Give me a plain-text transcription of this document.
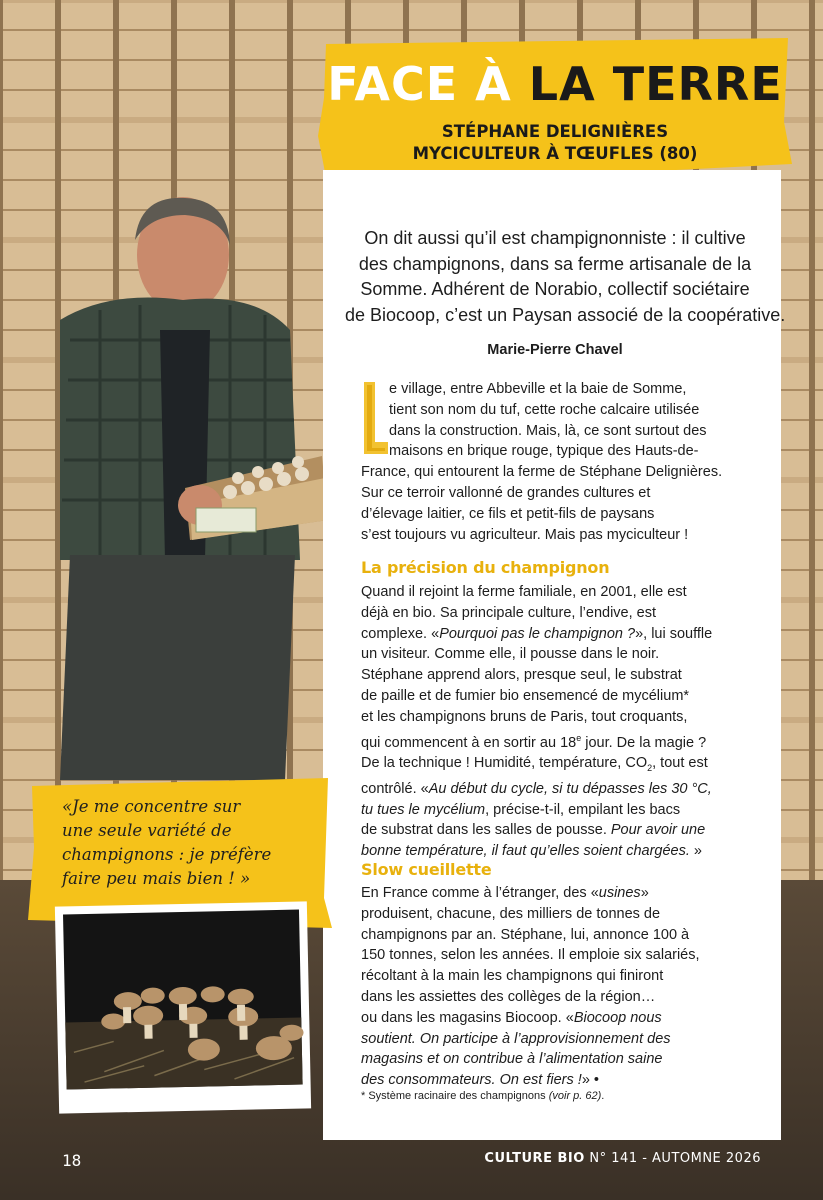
FACE À LA TERRE
STÉPHANE DELIGNIÈRES
MYCICULTEUR À TŒUFLES (80)

On dit aussi qu’il est champignonniste : il cultive
des champignons, dans sa ferme artisanale de la
Somme. Adhérent de Norabio, collectif sociétaire
de Biocoop, c’est un Paysan associé de la coopérative.

Marie-Pierre Chavel

e village, entre Abbeville et la baie de Somme,
tient son nom du tuf, cette roche calcaire utilisée
dans la construction. Mais, là, ce sont surtout des
maisons en brique rouge, typique des Hauts-de-
France, qui entourent la ferme de Stéphane Delignières.
Sur ce terroir vallonné de grandes cultures et
d’élevage laitier, ce fils et petit-fils de paysans
s’est toujours vu agriculteur. Mais pas myciculteur !

La précision du champignon

Quand il rejoint la ferme familiale, en 2001, elle est
déjà en bio. Sa principale culture, l’endive, est
complexe. «Pourquoi pas le champignon ?», lui souffle
un visiteur. Comme elle, il pousse dans le noir.
Stéphane apprend alors, presque seul, le substrat
de paille et de fumier bio ensemencé de mycélium*
et les champignons bruns de Paris, tout croquants,
qui commencent à en sortir au 18e jour. De la magie ?
De la technique ! Humidité, température, $CO_2$, tout est
contrôlé. «Au début du cycle, si tu dépasses les 30 °C,
tu tues le mycélium, précise-t-il, empilant les bacs
de substrat dans les salles de pousse. Pour avoir une
bonne température, il faut qu’elles soient chargées. »

Slow cueillette

En France comme à l’étranger, des «usines»
produisent, chacune, des milliers de tonnes de
champignons par an. Stéphane, lui, annonce 100 à
150 tonnes, selon les années. Il emploie six salariés,
récoltant à la main les champignons qui finiront
dans les assiettes des collèges de la région…
ou dans les magasins Biocoop. «Biocoop nous
soutient. On participe à l’approvisionnement des
magasins et on contribue à l’alimentation saine
des consommateurs. On est fiers !» •

* Système racinaire des champignons (voir p. 62).

«Je me concentre sur
une seule variété de
champignons : je préfère
faire peu mais bien ! »

18	CULTURE BIO N° 141 - AUTOMNE 2026
